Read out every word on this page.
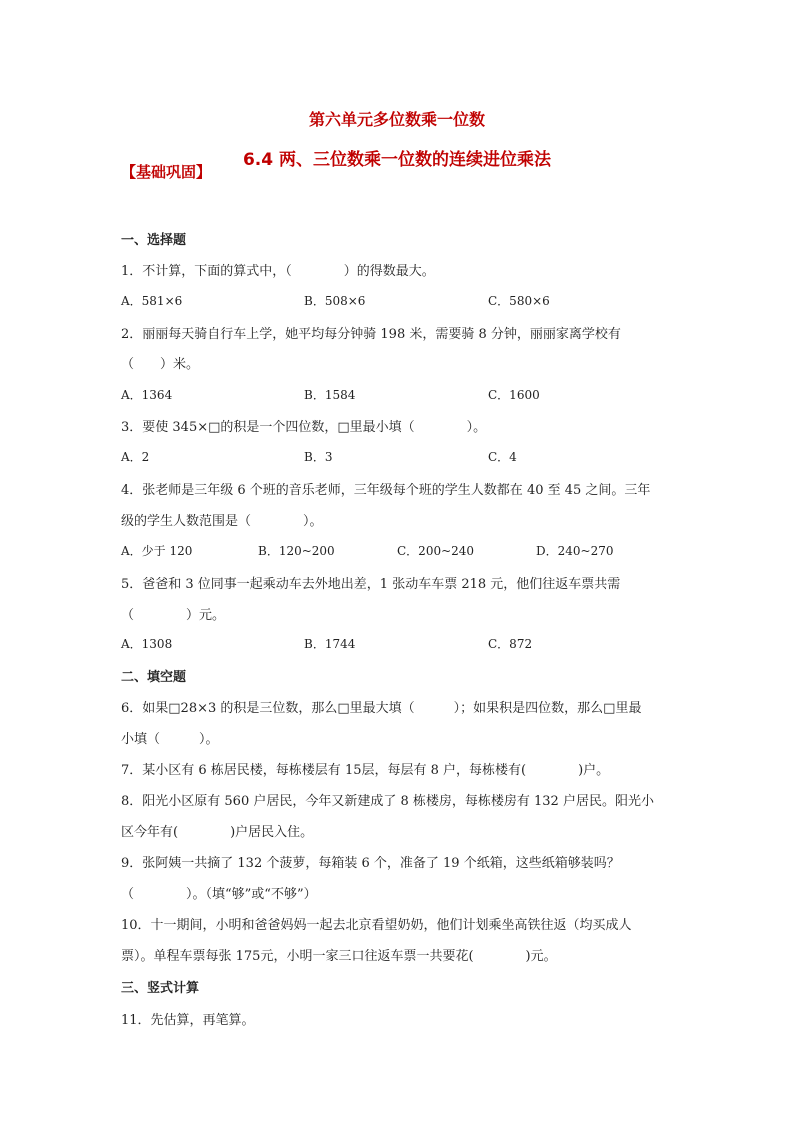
第六单元多位数乘一位数
6.4 两、三位数乘一位数的连续进位乘法
【基础巩固】
一、选择题
1．不计算，下面的算式中，（　　　　）的得数最大。
A．581×6	B．508×6	C．580×6
2．丽丽每天骑自行车上学，她平均每分钟骑 198 米，需要骑 8 分钟，丽丽家离学校有
（　　）米。
A．1364	B．1584	C．1600
3．要使 345×□的积是一个四位数，□里最小填（　　　　）。
A．2	B．3	C．4
4．张老师是三年级 6 个班的音乐老师，三年级每个班的学生人数都在 40 至 45 之间。三年
级的学生人数范围是（　　　　）。
A．少于 120	B．120~200	C．200~240	D．240~270
5．爸爸和 3 位同事一起乘动车去外地出差，1 张动车车票 218 元，他们往返车票共需
（　　　　）元。
A．1308	B．1744	C．872
二、填空题
6．如果□28×3 的积是三位数，那么□里最大填（　　　）；如果积是四位数，那么□里最
小填（　　　）。
7．某小区有 6 栋居民楼，每栋楼层有 15层，每层有 8 户，每栋楼有(　　　　)户。
8．阳光小区原有 560 户居民，今年又新建成了 8 栋楼房，每栋楼房有 132 户居民。阳光小
区今年有(　　　　)户居民入住。
9．张阿姨一共摘了 132 个菠萝，每箱装 6 个，准备了 19 个纸箱，这些纸箱够装吗？
（　　　　）。（填“够”或“不够”）
10．十一期间，小明和爸爸妈妈一起去北京看望奶奶，他们计划乘坐高铁往返（均买成人
票）。单程车票每张 175元，小明一家三口往返车票一共要花(　　　　)元。
三、竖式计算
11．先估算，再笔算。
